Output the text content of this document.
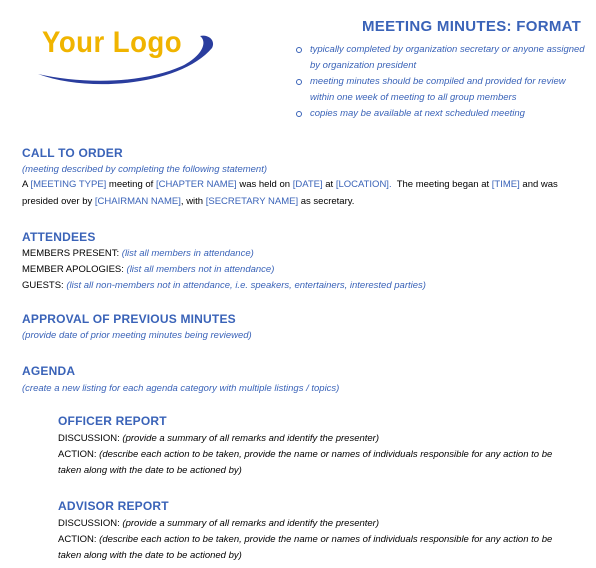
Your Logo	MEETING MINUTES: FORMAT
typically completed by organization secretary or anyone assigned by organization president
meeting minutes should be compiled and provided for review within one week of meeting to all group members
copies may be available at next scheduled meeting
CALL TO ORDER
(meeting described by completing the following statement)
A [MEETING TYPE] meeting of [CHAPTER NAME] was held on [DATE] at [LOCATION].  The meeting began at [TIME] and was
presided over by [CHAIRMAN NAME], with [SECRETARY NAME] as secretary.
ATTENDEES
MEMBERS PRESENT: (list all members in attendance)
MEMBER APOLOGIES: (list all members not in attendance)
GUESTS: (list all non-members not in attendance, i.e. speakers, entertainers, interested parties)
APPROVAL OF PREVIOUS MINUTES
(provide date of prior meeting minutes being reviewed)
AGENDA
(create a new listing for each agenda category with multiple listings / topics)
OFFICER REPORT
DISCUSSION: (provide a summary of all remarks and identify the presenter)
ACTION: (describe each action to be taken, provide the name or names of individuals responsible for any action to be taken along with the date to be actioned by)
ADVISOR REPORT
DISCUSSION: (provide a summary of all remarks and identify the presenter)
ACTION: (describe each action to be taken, provide the name or names of individuals responsible for any action to be taken along with the date to be actioned by)
